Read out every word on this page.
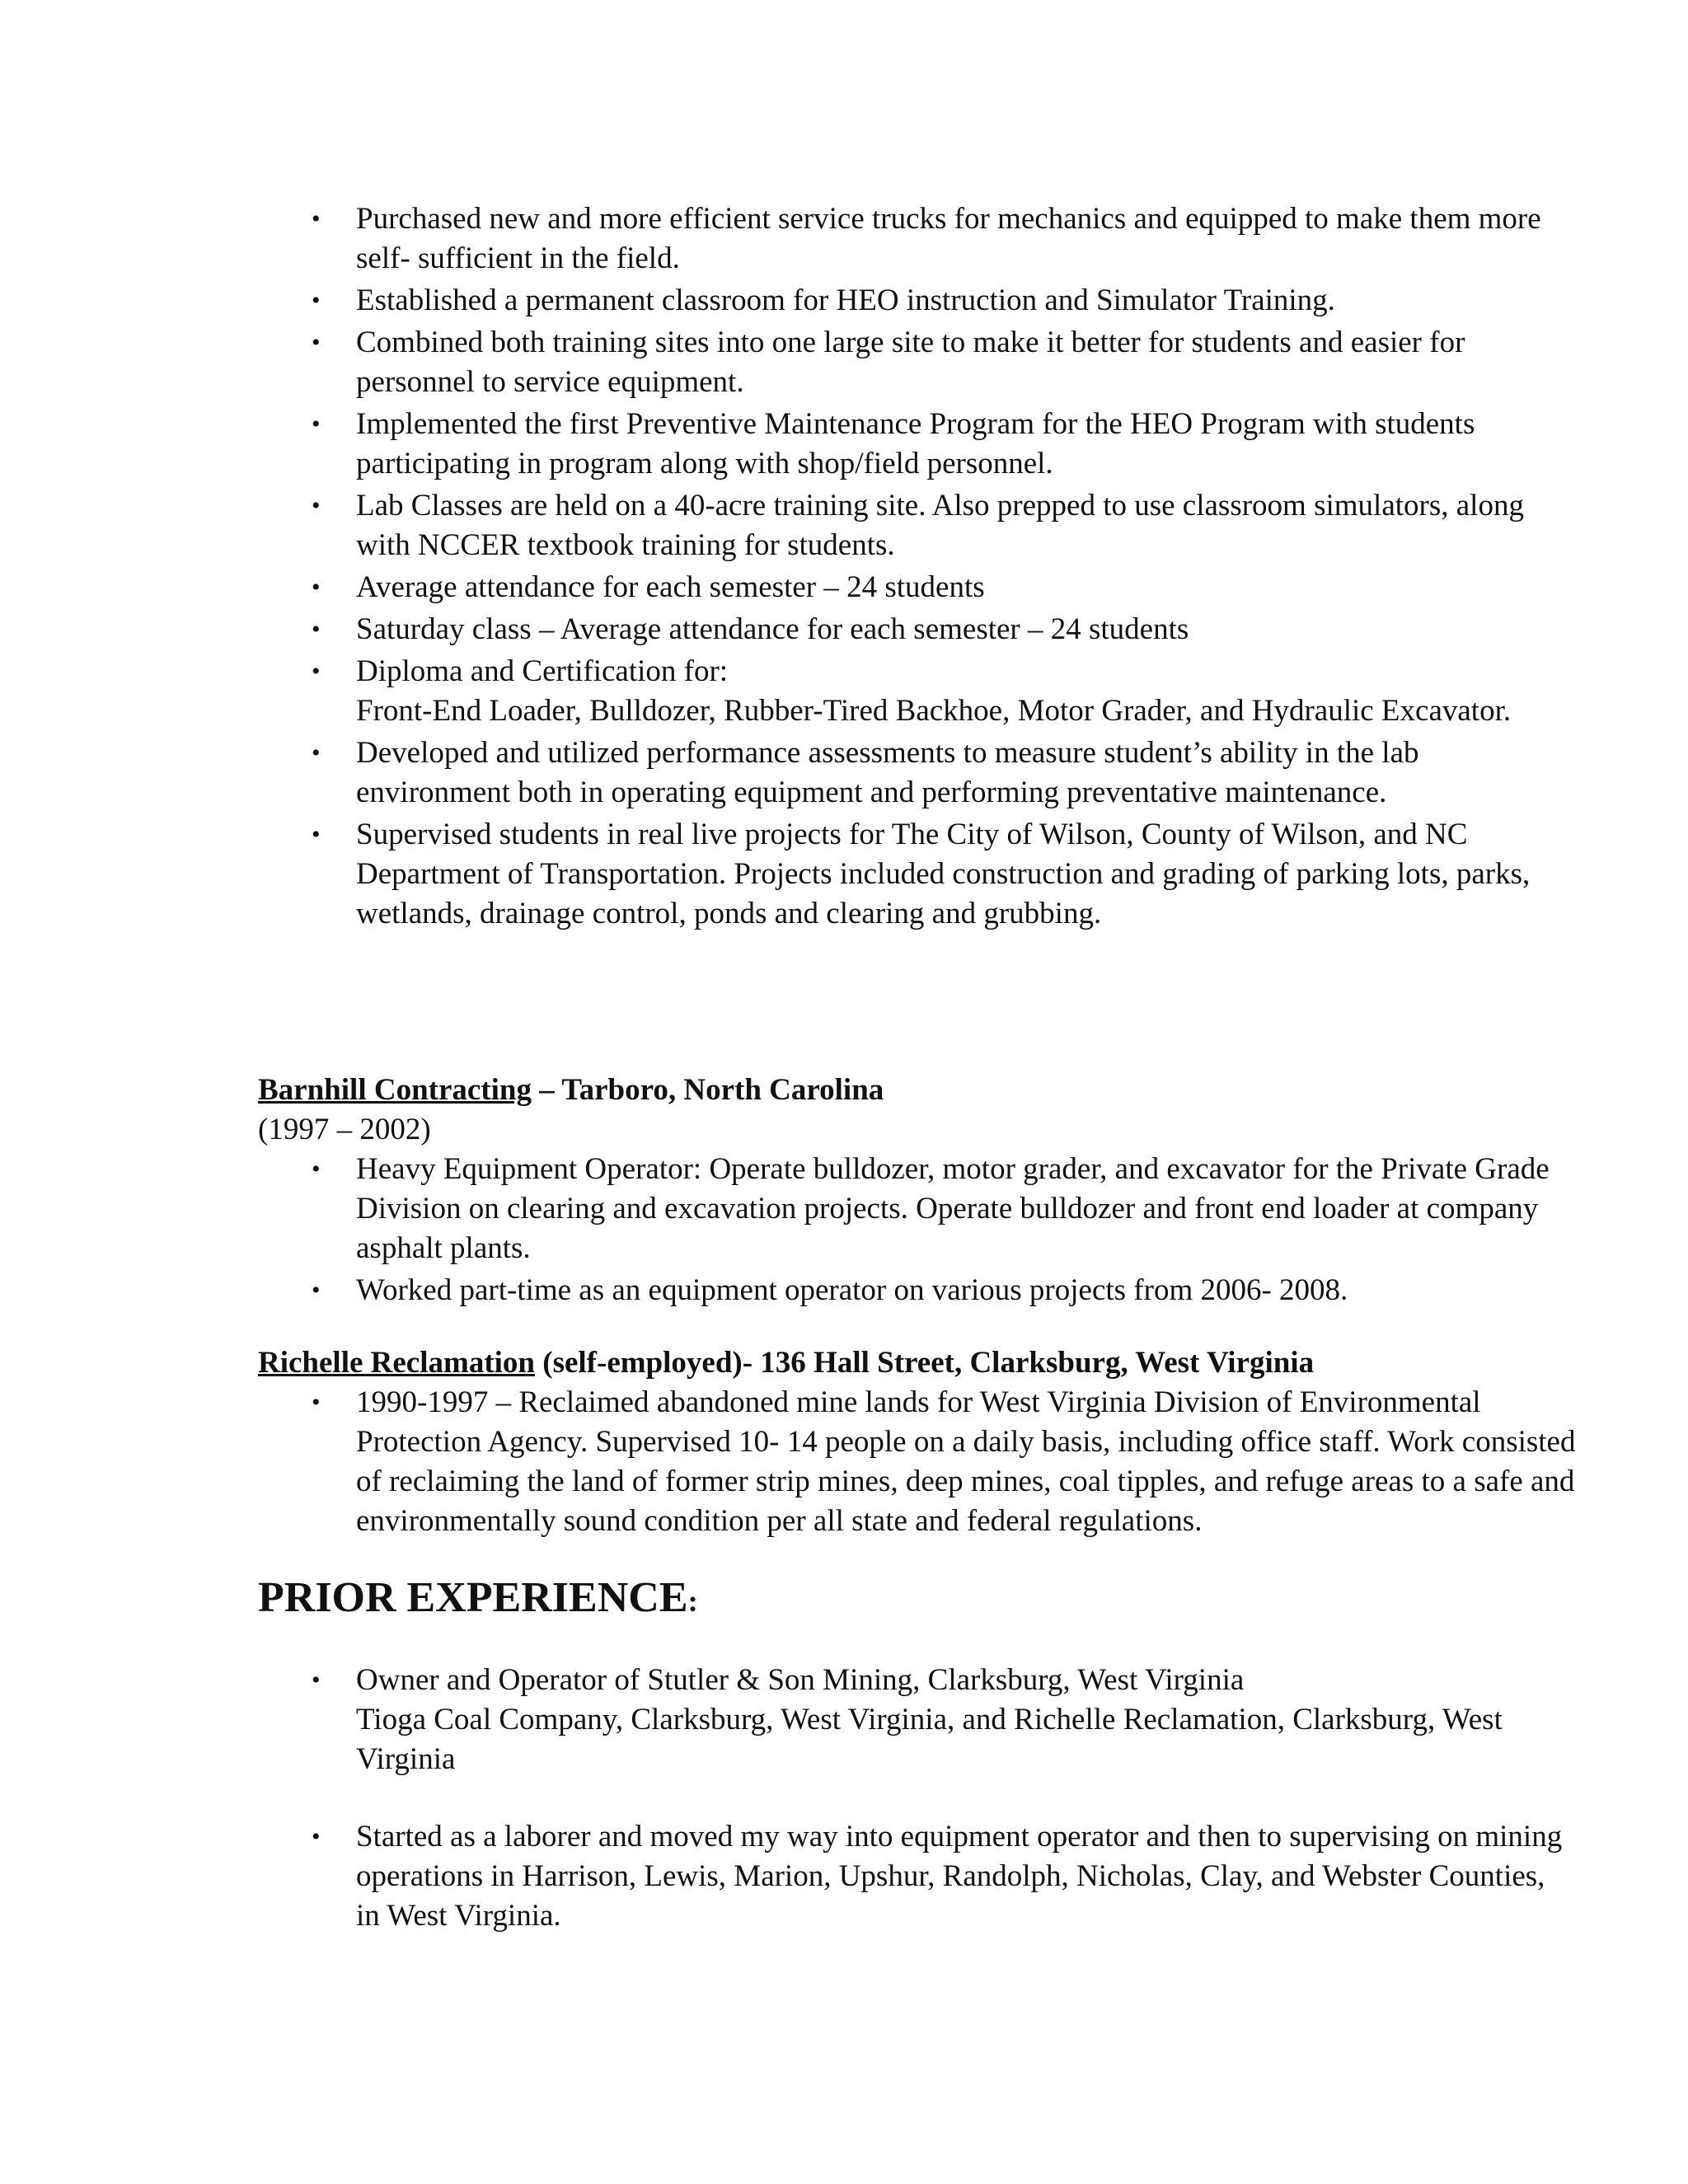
• Purchased new and more efficient service trucks for mechanics and equipped to make them more self- sufficient in the field.
• Established a permanent classroom for HEO instruction and Simulator Training.
• Combined both training sites into one large site to make it better for students and easier for personnel to service equipment.
• Implemented the first Preventive Maintenance Program for the HEO Program with students participating in program along with shop/field personnel.
• Lab Classes are held on a 40-acre training site. Also prepped to use classroom simulators, along with NCCER textbook training for students.
• Average attendance for each semester – 24 students
• Saturday class – Average attendance for each semester – 24 students
• Diploma and Certification for:
Front-End Loader, Bulldozer, Rubber-Tired Backhoe, Motor Grader, and Hydraulic Excavator.
• Developed and utilized performance assessments to measure student’s ability in the lab environment both in operating equipment and performing preventative maintenance.
• Supervised students in real live projects for The City of Wilson, County of Wilson, and NC Department of Transportation. Projects included construction and grading of parking lots, parks, wetlands, drainage control, ponds and clearing and grubbing.
Barnhill Contracting – Tarboro, North Carolina
(1997 – 2002)
• Heavy Equipment Operator: Operate bulldozer, motor grader, and excavator for the Private Grade Division on clearing and excavation projects. Operate bulldozer and front end loader at company asphalt plants.
• Worked part-time as an equipment operator on various projects from 2006- 2008.
Richelle Reclamation (self-employed)- 136 Hall Street, Clarksburg, West Virginia
• 1990-1997 – Reclaimed abandoned mine lands for West Virginia Division of Environmental Protection Agency. Supervised 10- 14 people on a daily basis, including office staff. Work consisted of reclaiming the land of former strip mines, deep mines, coal tipples, and refuge areas to a safe and environmentally sound condition per all state and federal regulations.
PRIOR EXPERIENCE:
• Owner and Operator of Stutler & Son Mining, Clarksburg, West Virginia
Tioga Coal Company, Clarksburg, West Virginia, and Richelle Reclamation, Clarksburg, West Virginia
• Started as a laborer and moved my way into equipment operator and then to supervising on mining operations in Harrison, Lewis, Marion, Upshur, Randolph, Nicholas, Clay, and Webster Counties, in West Virginia.
